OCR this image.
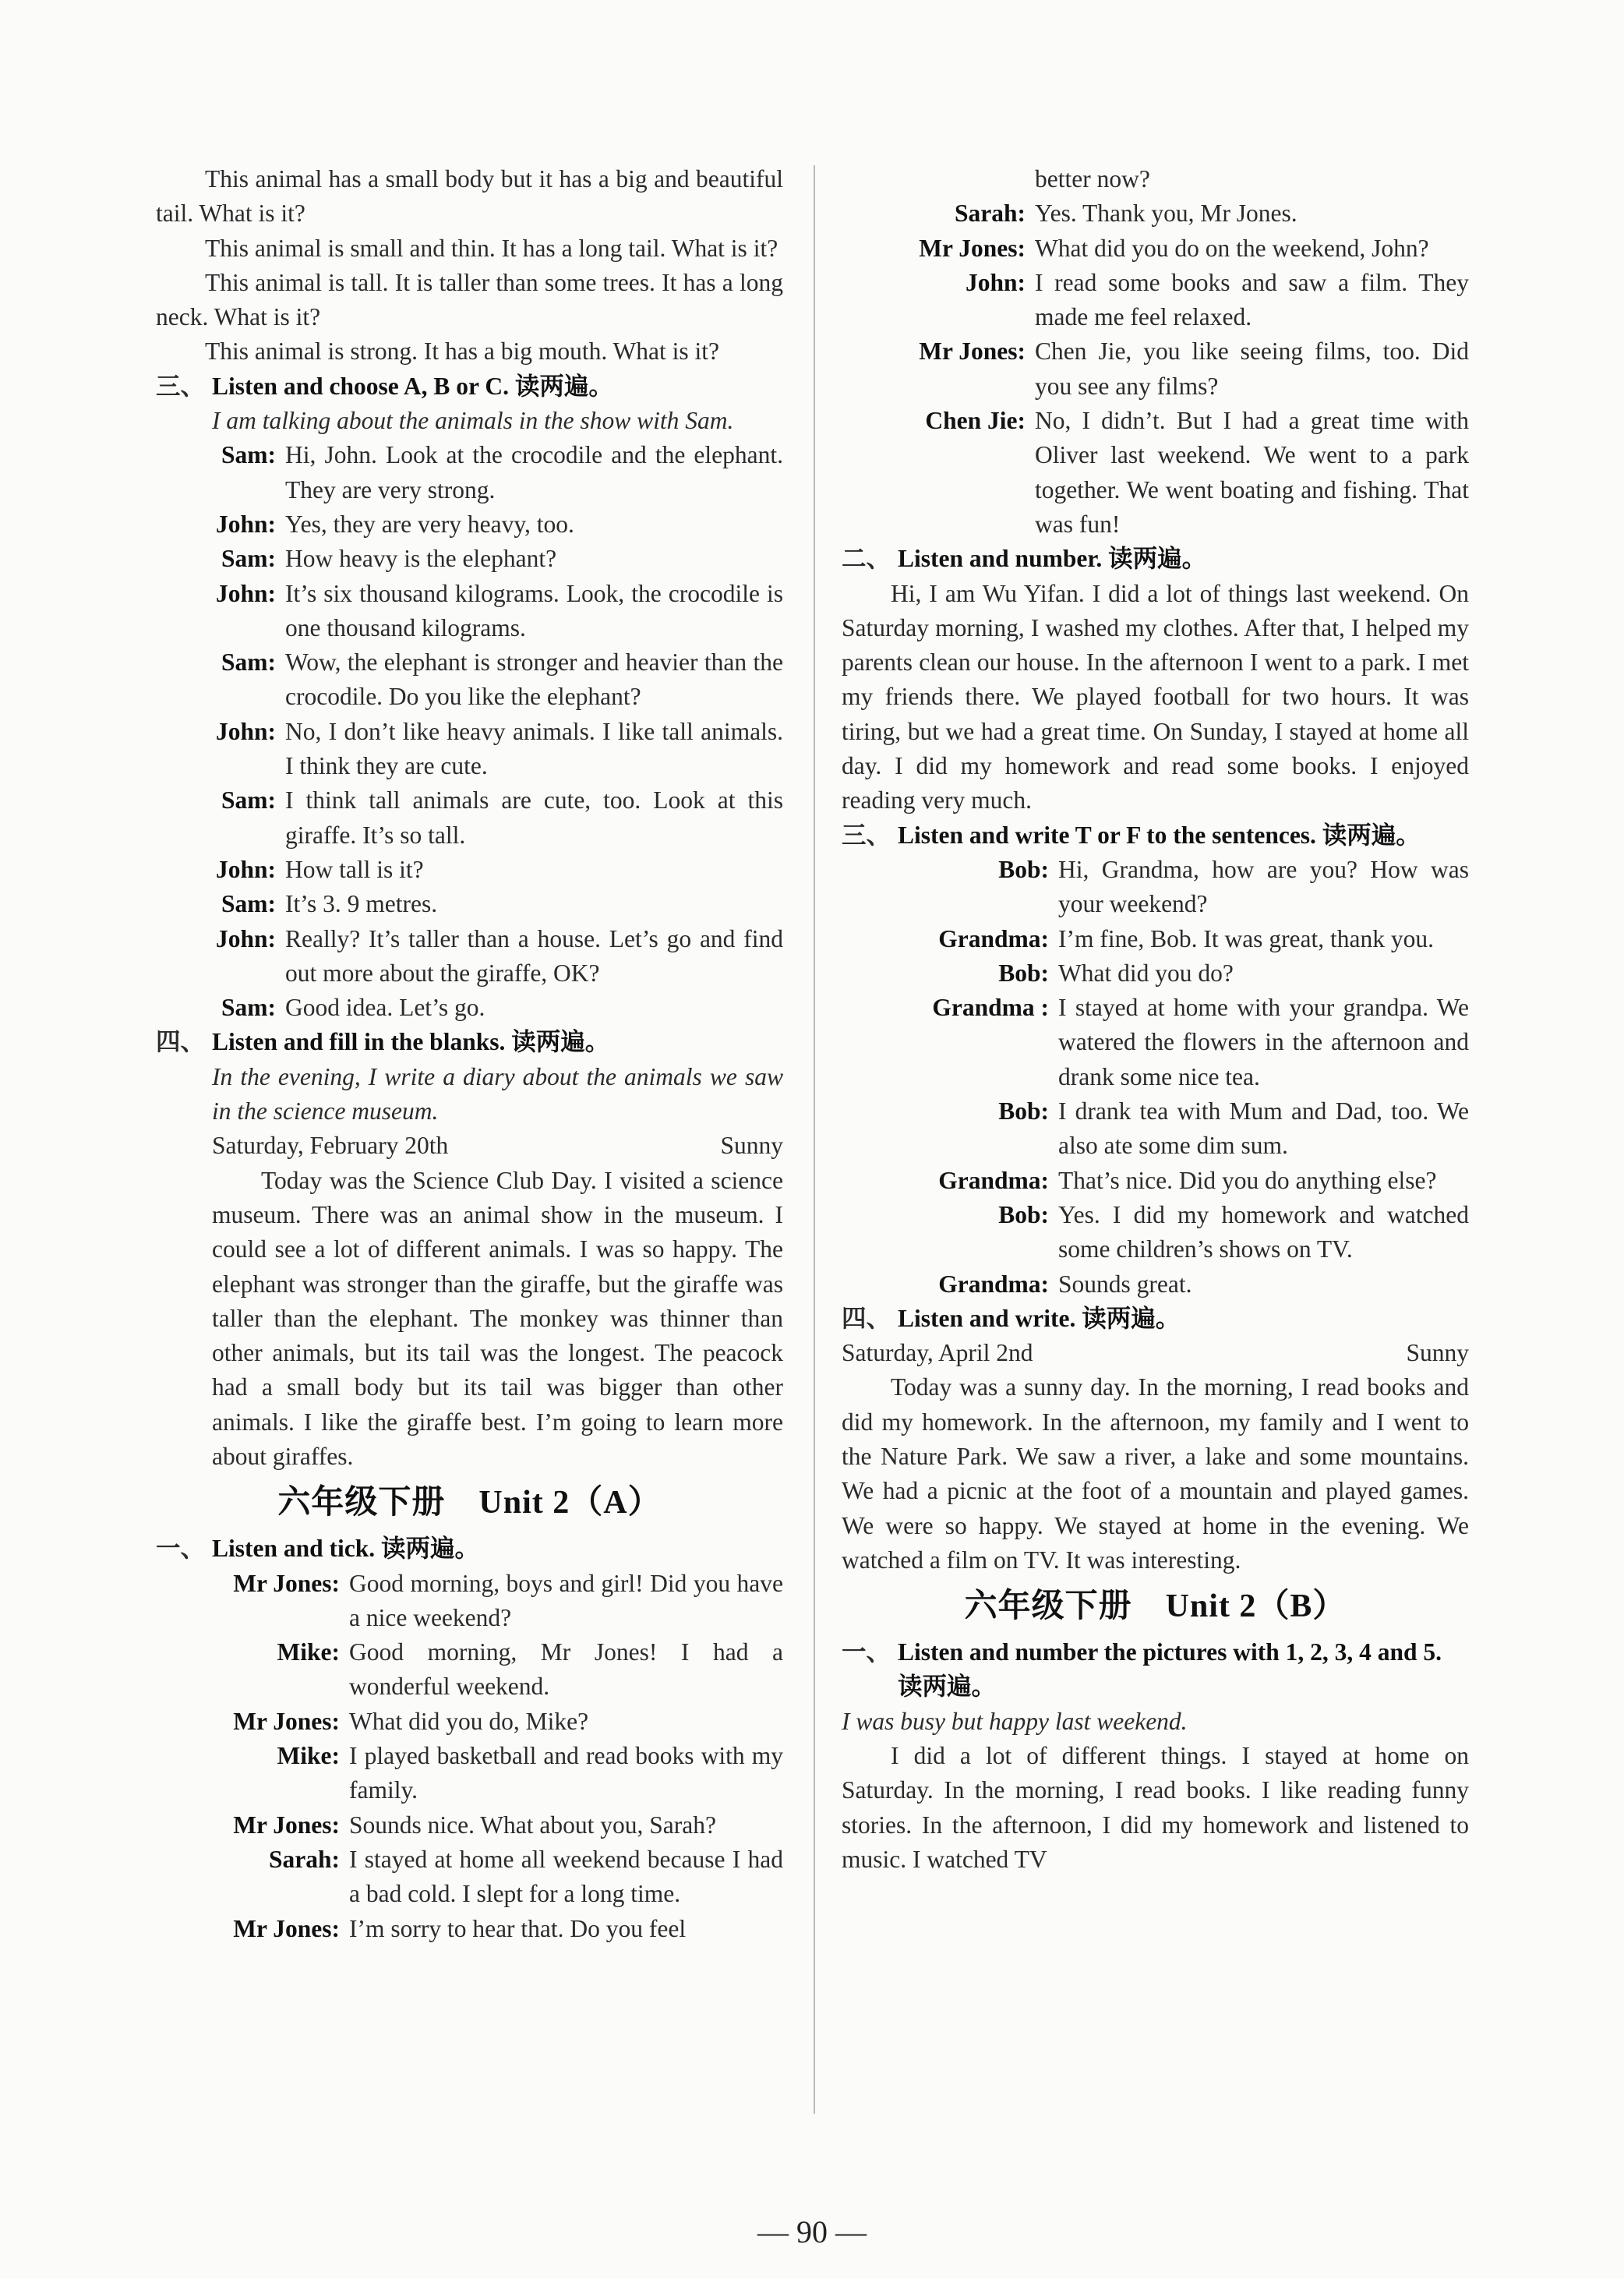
This animal has a small body but it has a big and beautiful tail. What is it?

This animal is small and thin. It has a long tail. What is it?

This animal is tall. It is taller than some trees. It has a long neck. What is it?

This animal is strong. It has a big mouth. What is it?

三、 Listen and choose A, B or C. 读两遍。

I am talking about the animals in the show with Sam.

Sam: Hi, John. Look at the crocodile and the elephant. They are very strong.
John: Yes, they are very heavy, too.
Sam: How heavy is the elephant?
John: It’s six thousand kilograms. Look, the crocodile is one thousand kilograms.
Sam: Wow, the elephant is stronger and heavier than the crocodile. Do you like the elephant?
John: No, I don’t like heavy animals. I like tall animals. I think they are cute.
Sam: I think tall animals are cute, too. Look at this giraffe. It’s so tall.
John: How tall is it?
Sam: It’s 3. 9 metres.
John: Really? It’s taller than a house. Let’s go and find out more about the giraffe, OK?
Sam: Good idea. Let’s go.
四、 Listen and fill in the blanks. 读两遍。

In the evening, I write a diary about the animals we saw in the science museum.

Saturday, February 20th	Sunny

Today was the Science Club Day. I visited a science museum. There was an animal show in the museum. I could see a lot of different animals. I was so happy. The elephant was stronger than the giraffe, but the giraffe was taller than the elephant. The monkey was thinner than other animals, but its tail was the longest. The peacock had a small body but its tail was bigger than other animals. I like the giraffe best. I’m going to learn more about giraffes.

六年级下册　Unit 2（A）
一、 Listen and tick. 读两遍。
Mr Jones: Good morning, boys and girl! Did you have a nice weekend?
Mike: Good morning, Mr Jones! I had a wonderful weekend.
Mr Jones: What did you do, Mike?
Mike: I played basketball and read books with my family.
Mr Jones: Sounds nice. What about you, Sarah?
Sarah: I stayed at home all weekend because I had a bad cold. I slept for a long time.
Mr Jones: I’m sorry to hear that. Do you feel
better now?
Sarah: Yes. Thank you, Mr Jones.
Mr Jones: What did you do on the weekend, John?
John: I read some books and saw a film. They made me feel relaxed.
Mr Jones: Chen Jie, you like seeing films, too. Did you see any films?
Chen Jie: No, I didn’t. But I had a great time with Oliver last weekend. We went to a park together. We went boating and fishing. That was fun!
二、 Listen and number. 读两遍。

Hi, I am Wu Yifan. I did a lot of things last weekend. On Saturday morning, I washed my clothes. After that, I helped my parents clean our house. In the afternoon I went to a park. I met my friends there. We played football for two hours. It was tiring, but we had a great time. On Sunday, I stayed at home all day. I did my homework and read some books. I enjoyed reading very much.

三、 Listen and write T or F to the sentences. 读两遍。
Bob: Hi, Grandma, how are you? How was your weekend?
Grandma: I’m fine, Bob. It was great, thank you.
Bob: What did you do?
Grandma : I stayed at home with your grandpa. We watered the flowers in the afternoon and drank some nice tea.
Bob: I drank tea with Mum and Dad, too. We also ate some dim sum.
Grandma: That’s nice. Did you do anything else?
Bob: Yes. I did my homework and watched some children’s shows on TV.
Grandma: Sounds great.
四、 Listen and write. 读两遍。
Saturday, April 2nd	Sunny

Today was a sunny day. In the morning, I read books and did my homework. In the afternoon, my family and I went to the Nature Park. We saw a river, a lake and some mountains. We had a picnic at the foot of a mountain and played games. We were so happy. We stayed at home in the evening. We watched a film on TV. It was interesting.

六年级下册　Unit 2（B）
一、 Listen and number the pictures with 1, 2, 3, 4 and 5. 读两遍。

I was busy but happy last weekend.

I did a lot of different things. I stayed at home on Saturday. In the morning, I read books. I like reading funny stories. In the afternoon, I did my homework and listened to music. I watched TV

— 90 —
